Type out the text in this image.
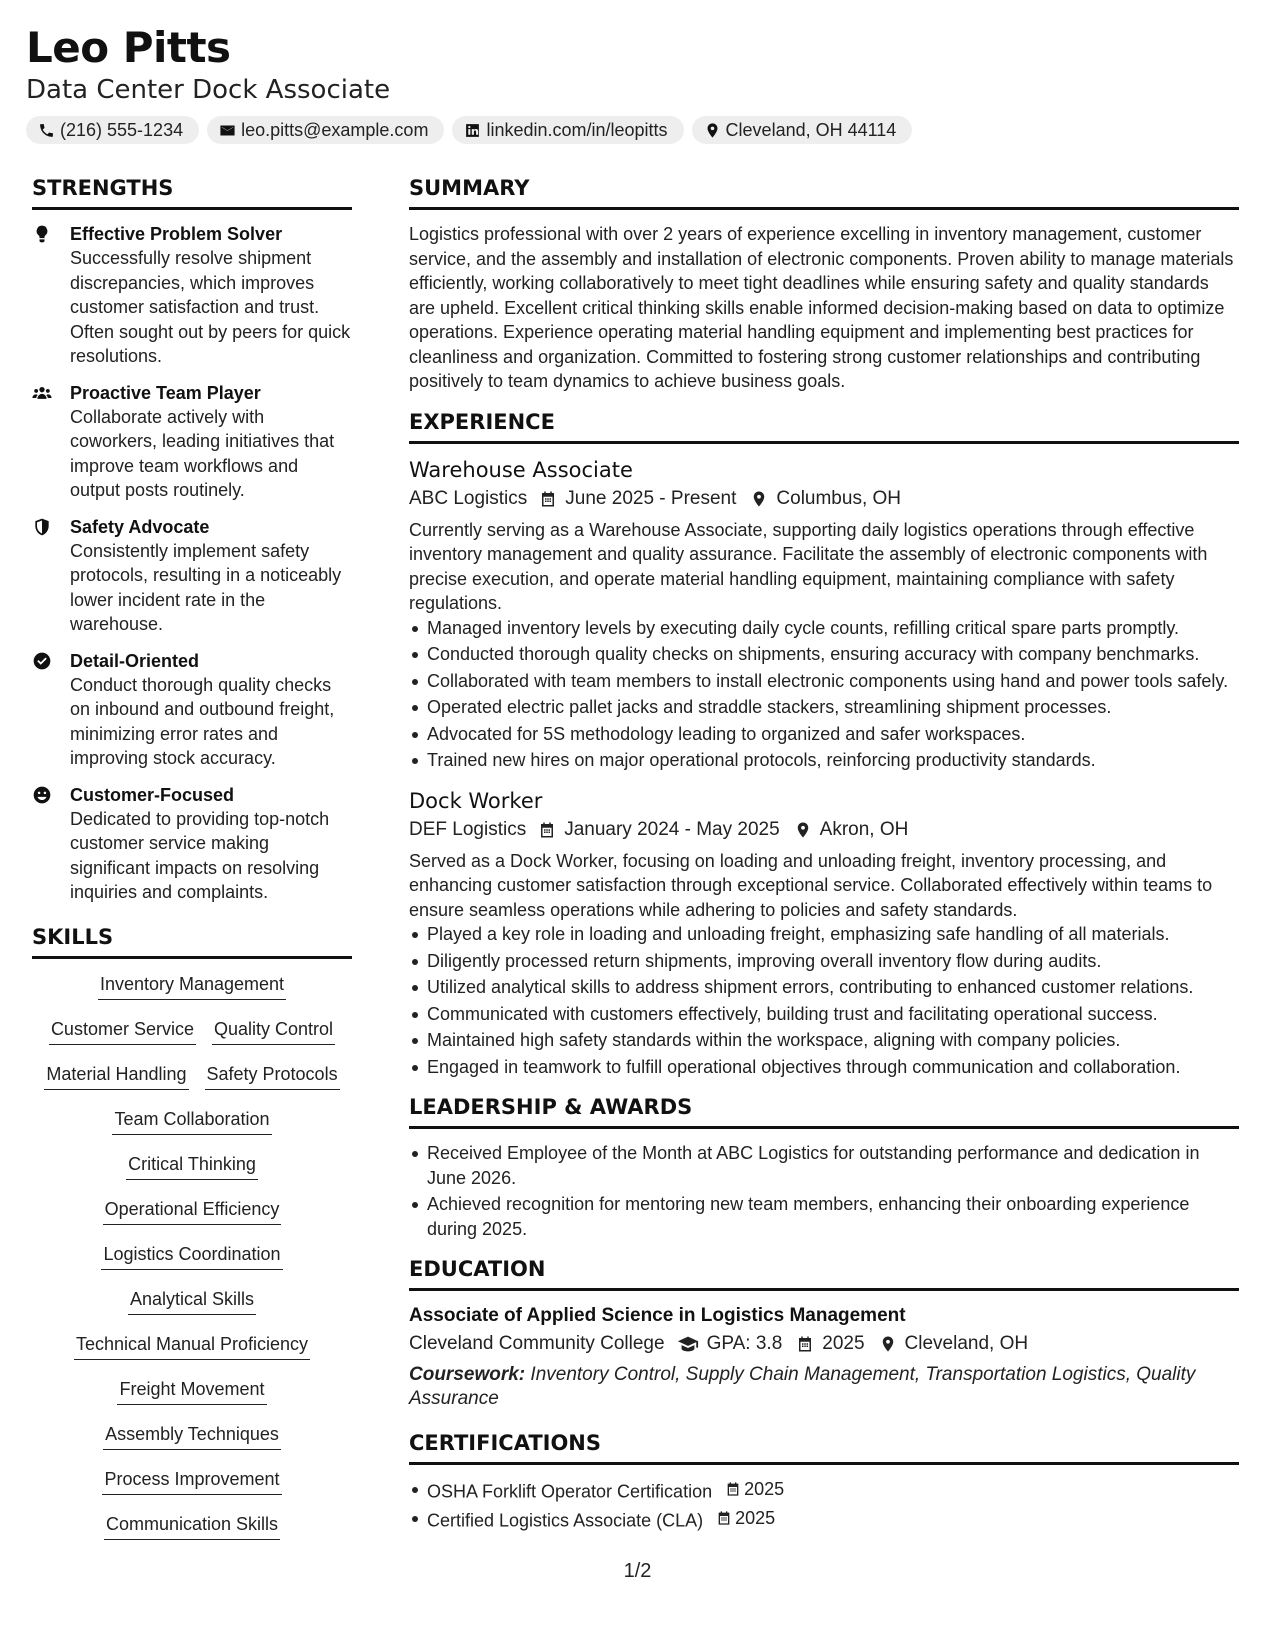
Leo Pitts
Data Center Dock Associate
(216) 555-1234	leo.pitts@example.com	linkedin.com/in/leopitts	Cleveland, OH 44114
STRENGTHS
Effective Problem Solver
Successfully resolve shipment discrepancies, which improves customer satisfaction and trust. Often sought out by peers for quick resolutions.
Proactive Team Player
Collaborate actively with coworkers, leading initiatives that improve team workflows and output posts routinely.
Safety Advocate
Consistently implement safety protocols, resulting in a noticeably lower incident rate in the warehouse.
Detail-Oriented
Conduct thorough quality checks on inbound and outbound freight, minimizing error rates and improving stock accuracy.
Customer-Focused
Dedicated to providing top-notch customer service making significant impacts on resolving inquiries and complaints.
SKILLS
Inventory Management
Customer Service Quality Control
Material Handling Safety Protocols
Team Collaboration
Critical Thinking
Operational Efficiency
Logistics Coordination
Analytical Skills
Technical Manual Proficiency
Freight Movement
Assembly Techniques
Process Improvement
Communication Skills
SUMMARY

Logistics professional with over 2 years of experience excelling in inventory management, customer service, and the assembly and installation of electronic components. Proven ability to manage materials efficiently, working collaboratively to meet tight deadlines while ensuring safety and quality standards are upheld. Excellent critical thinking skills enable informed decision-making based on data to optimize operations. Experience operating material handling equipment and implementing best practices for cleanliness and organization. Committed to fostering strong customer relationships and contributing positively to team dynamics to achieve business goals.

EXPERIENCE
Warehouse Associate
ABC Logistics June 2025 - Present Columbus, OH

Currently serving as a Warehouse Associate, supporting daily logistics operations through effective inventory management and quality assurance. Facilitate the assembly of electronic components with precise execution, and operate material handling equipment, maintaining compliance with safety regulations.

Managed inventory levels by executing daily cycle counts, refilling critical spare parts promptly.
Conducted thorough quality checks on shipments, ensuring accuracy with company benchmarks.
Collaborated with team members to install electronic components using hand and power tools safely.
Operated electric pallet jacks and straddle stackers, streamlining shipment processes.
Advocated for 5S methodology leading to organized and safer workspaces.
Trained new hires on major operational protocols, reinforcing productivity standards.
Dock Worker
DEF Logistics January 2024 - May 2025 Akron, OH

Served as a Dock Worker, focusing on loading and unloading freight, inventory processing, and enhancing customer satisfaction through exceptional service. Collaborated effectively within teams to ensure seamless operations while adhering to policies and safety standards.

Played a key role in loading and unloading freight, emphasizing safe handling of all materials.
Diligently processed return shipments, improving overall inventory flow during audits.
Utilized analytical skills to address shipment errors, contributing to enhanced customer relations.
Communicated with customers effectively, building trust and facilitating operational success.
Maintained high safety standards within the workspace, aligning with company policies.
Engaged in teamwork to fulfill operational objectives through communication and collaboration.
LEADERSHIP & AWARDS
Received Employee of the Month at ABC Logistics for outstanding performance and dedication in June 2026.
Achieved recognition for mentoring new team members, enhancing their onboarding experience during 2025.
EDUCATION
Associate of Applied Science in Logistics Management
Cleveland Community College GPA: 3.8 2025 Cleveland, OH
Coursework: Inventory Control, Supply Chain Management, Transportation Logistics, Quality Assurance
CERTIFICATIONS
OSHA Forklift Operator Certification 2025
Certified Logistics Associate (CLA) 2025
1/2
